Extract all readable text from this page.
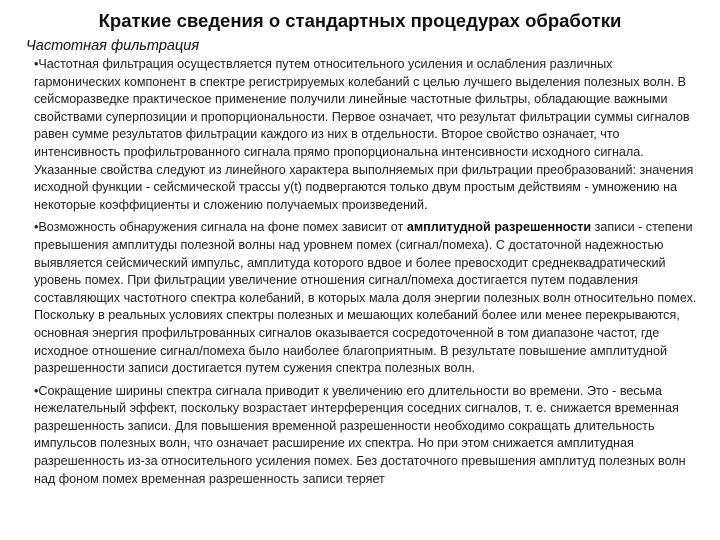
Краткие сведения о стандартных процедурах обработки
Частотная фильтрация

•Частотная фильтрация осуществляется путем относительного усиления и ослабления различных гармонических компонент в спектре регистрируемых колебаний с целью лучшего выделения полезных волн. В сейсморазведке практическое применение получили линейные частотные фильтры, обладающие важными свойствами суперпозиции и пропорциональности. Первое означает, что результат фильтрации суммы сигналов равен сумме результатов фильтрации каждого из них в отдельности. Второе свойство означает, что интенсивность профильтрованного сигнала прямо пропорциональна интенсивности исходного сигнала. Указанные свойства следуют из линейного характера выполняемых при фильтрации преобразований: значения исходной функции - сейсмической трассы y(t) подвергаются только двум простым действиям - умножению на некоторые коэффициенты и сложению получаемых произведений.

•Возможность обнаружения сигнала на фоне помех зависит от амплитудной разрешенности записи - степени превышения амплитуды полезной волны над уровнем помех (сигнал/помеха). С достаточной надежностью выявляется сейсмический импульс, амплитуда которого вдвое и более превосходит среднеквадратический уровень помех. При фильтрации увеличение отношения сигнал/помеха достигается путем подавления составляющих частотного спектра колебаний, в которых мала доля энергии полезных волн относительно помех. Поскольку в реальных условиях спектры полезных и мешающих колебаний более или менее перекрываются, основная энергия профильтрованных сигналов оказывается сосредоточенной в том диапазоне частот, где исходное отношение сигнал/помеха было наиболее благоприятным. В результате повышение амплитудной разрешенности записи достигается путем сужения спектра полезных волн.

•Сокращение ширины спектра сигнала приводит к увеличению его длительности во времени. Это - весьма нежелательный эффект, поскольку возрастает интерференция соседних сигналов, т. е. снижается временная разрешенность записи. Для повышения временной разрешенности необходимо сокращать длительность импульсов полезных волн, что означает расширение их спектра. Но при этом снижается амплитудная разрешенность из-за относительного усиления помех. Без достаточного превышения амплитуд полезных волн над фоном помех временная разрешенность записи теряет
